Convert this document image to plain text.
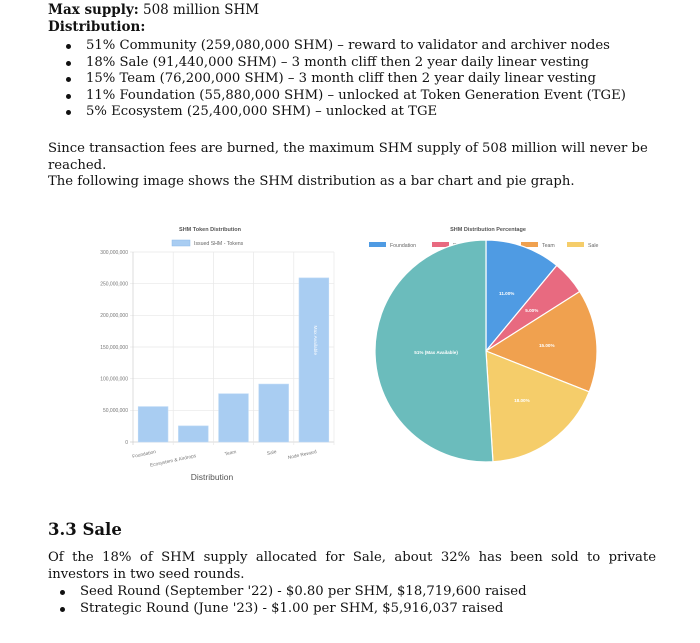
Max supply: 508 million SHM
Distribution:
51% Community (259,080,000 SHM) – reward to validator and archiver nodes
18% Sale (91,440,000 SHM) – 3 month cliff then 2 year daily linear vesting
15% Team (76,200,000 SHM) – 3 month cliff then 2 year daily linear vesting
11% Foundation (55,880,000 SHM) – unlocked at Token Generation Event (TGE)
5% Ecosystem (25,400,000 SHM) – unlocked at TGE
Since transaction fees are burned, the maximum SHM supply of 508 million will never be reached.
The following image shows the SHM distribution as a bar chart and pie graph.
3.3 Sale
Of the 18% of SHM supply allocated for Sale, about 32% has been sold to private investors in two seed rounds.
Seed Round (September '22) - $0.80 per SHM, $18,719,600 raised
Strategic Round (June '23) - $1.00 per SHM, $5,916,037 raised
SHM Token Distribution
Issued SHM - Tokens
0
50,000,000
100,000,000
150,000,000
200,000,000
250,000,000
300,000,000
Max Available
Foundation
Ecosystem & Airdrops
Team	Sale Node Reward
Distribution
SHM Distribution Percentage
Foundation	Team	Sale
11.00%
5.00%
15.00%
18.00%
51% (Max Available)
